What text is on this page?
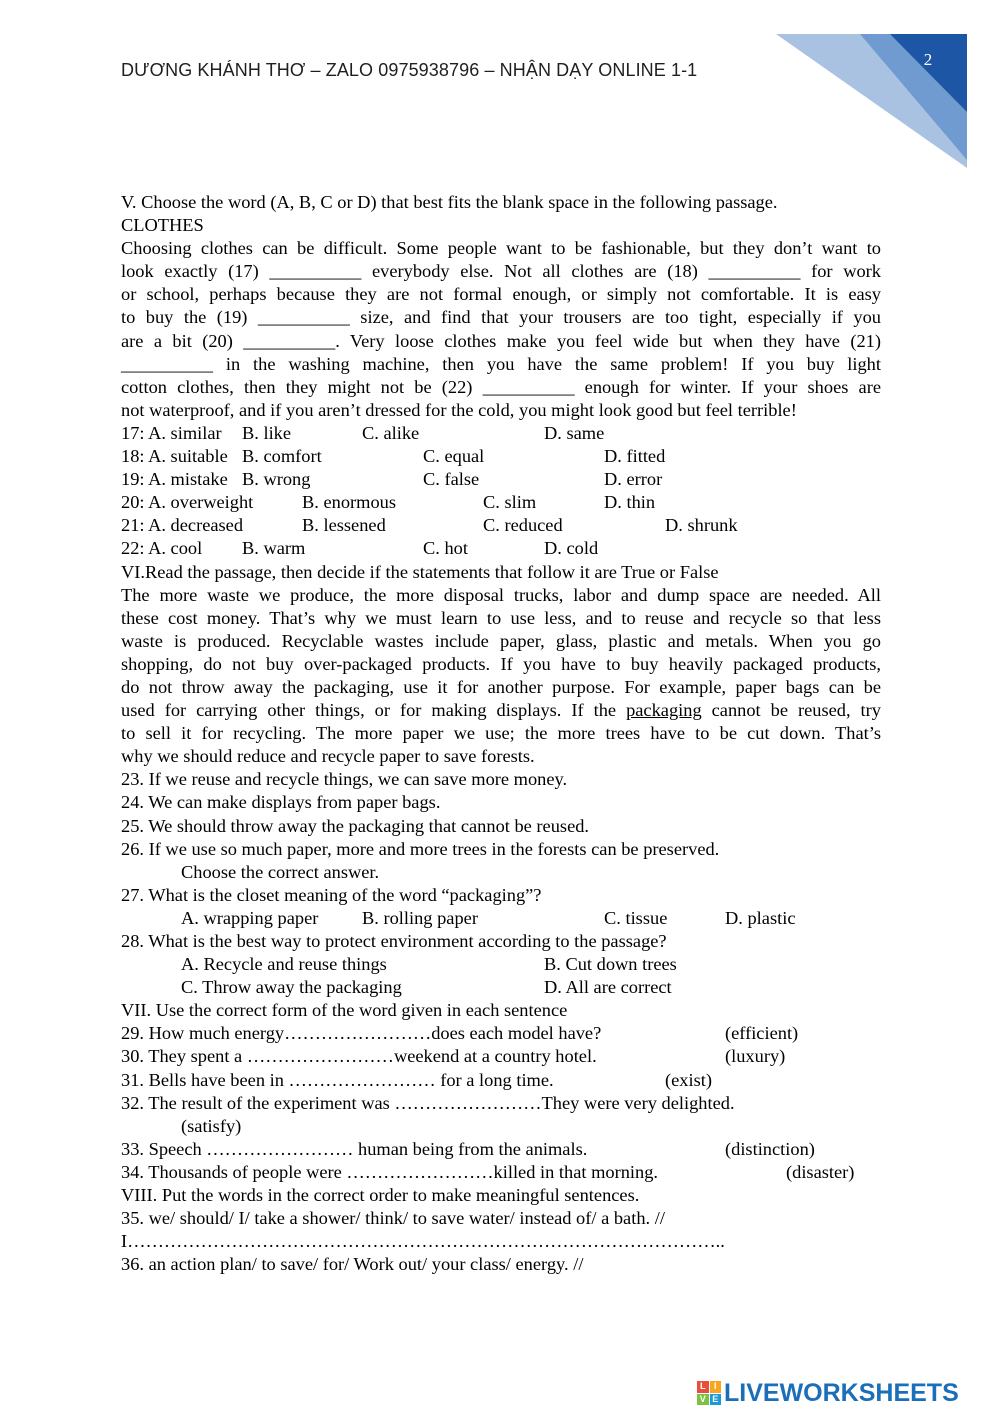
2
DƯƠNG KHÁNH THƠ – ZALO 0975938796 – NHẬN DẠY ONLINE 1-1
V. Choose the word (A, B, C or D) that best fits the blank space in the following passage.
CLOTHES
Choosing clothes can be difficult. Some people want to be fashionable, but they don’t want to
look exactly (17) __________ everybody else. Not all clothes are (18) __________ for work
or school, perhaps because they are not formal enough, or simply not comfortable. It is easy
to buy the (19) __________ size, and find that your trousers are too tight, especially if you
are a bit (20) __________. Very loose clothes make you feel wide but when they have (21)
__________ in the washing machine, then you have the same problem! If you buy light
cotton clothes, then they might not be (22) __________ enough for winter. If your shoes are
not waterproof, and if you aren’t dressed for the cold, you might look good but feel terrible!
17: A. similar B. like	C. alike	D. same
18: A. suitable B. comfort	C. equal	D. fitted
19: A. mistake B. wrong	C. false	D. error
20: A. overweight	B. enormous	C. slim	D. thin
21: A. decreased	B. lessened	C. reduced	D. shrunk
22: A. cool B. warm	C. hot	D. cold
VI.Read the passage, then decide if the statements that follow it are True or False
The more waste we produce, the more disposal trucks, labor and dump space are needed. All
these cost money. That’s why we must learn to use less, and to reuse and recycle so that less
waste is produced. Recyclable wastes include paper, glass, plastic and metals. When you go
shopping, do not buy over-packaged products. If you have to buy heavily packaged products,
do not throw away the packaging, use it for another purpose. For example, paper bags can be
used for carrying other things, or for making displays. If the packaging cannot be reused, try
to sell it for recycling. The more paper we use; the more trees have to be cut down. That’s
why we should reduce and recycle paper to save forests.
23. If we reuse and recycle things, we can save more money.
24. We can make displays from paper bags.
25. We should throw away the packaging that cannot be reused.
26. If we use so much paper, more and more trees in the forests can be preserved.
Choose the correct answer.
27. What is the closet meaning of the word “packaging”?
A. wrapping paper B. rolling paper	C. tissue	D. plastic
28. What is the best way to protect environment according to the passage?
A. Recycle and reuse things	B. Cut down trees
C. Throw away the packaging	D. All are correct
VII. Use the correct form of the word given in each sentence
29. How much energy……………………does each model have?	(efficient)
30. They spent a ……………………weekend at a country hotel.	(luxury)
31. Bells have been in …………………… for a long time.	(exist)
32. The result of the experiment was ……………………They were very delighted.
(satisfy)
33. Speech …………………… human being from the animals.	(distinction)
34. Thousands of people were ……………………killed in that morning.	(disaster)
VIII. Put the words in the correct order to make meaningful sentences.
35. we/ should/ I/ take a shower/ think/ to save water/ instead of/ a bath. //
I……………………………………………………………………………………..
36. an action plan/ to save/ for/ Work out/ your class/ energy. //
L I
V E LIVEWORKSHEETS
